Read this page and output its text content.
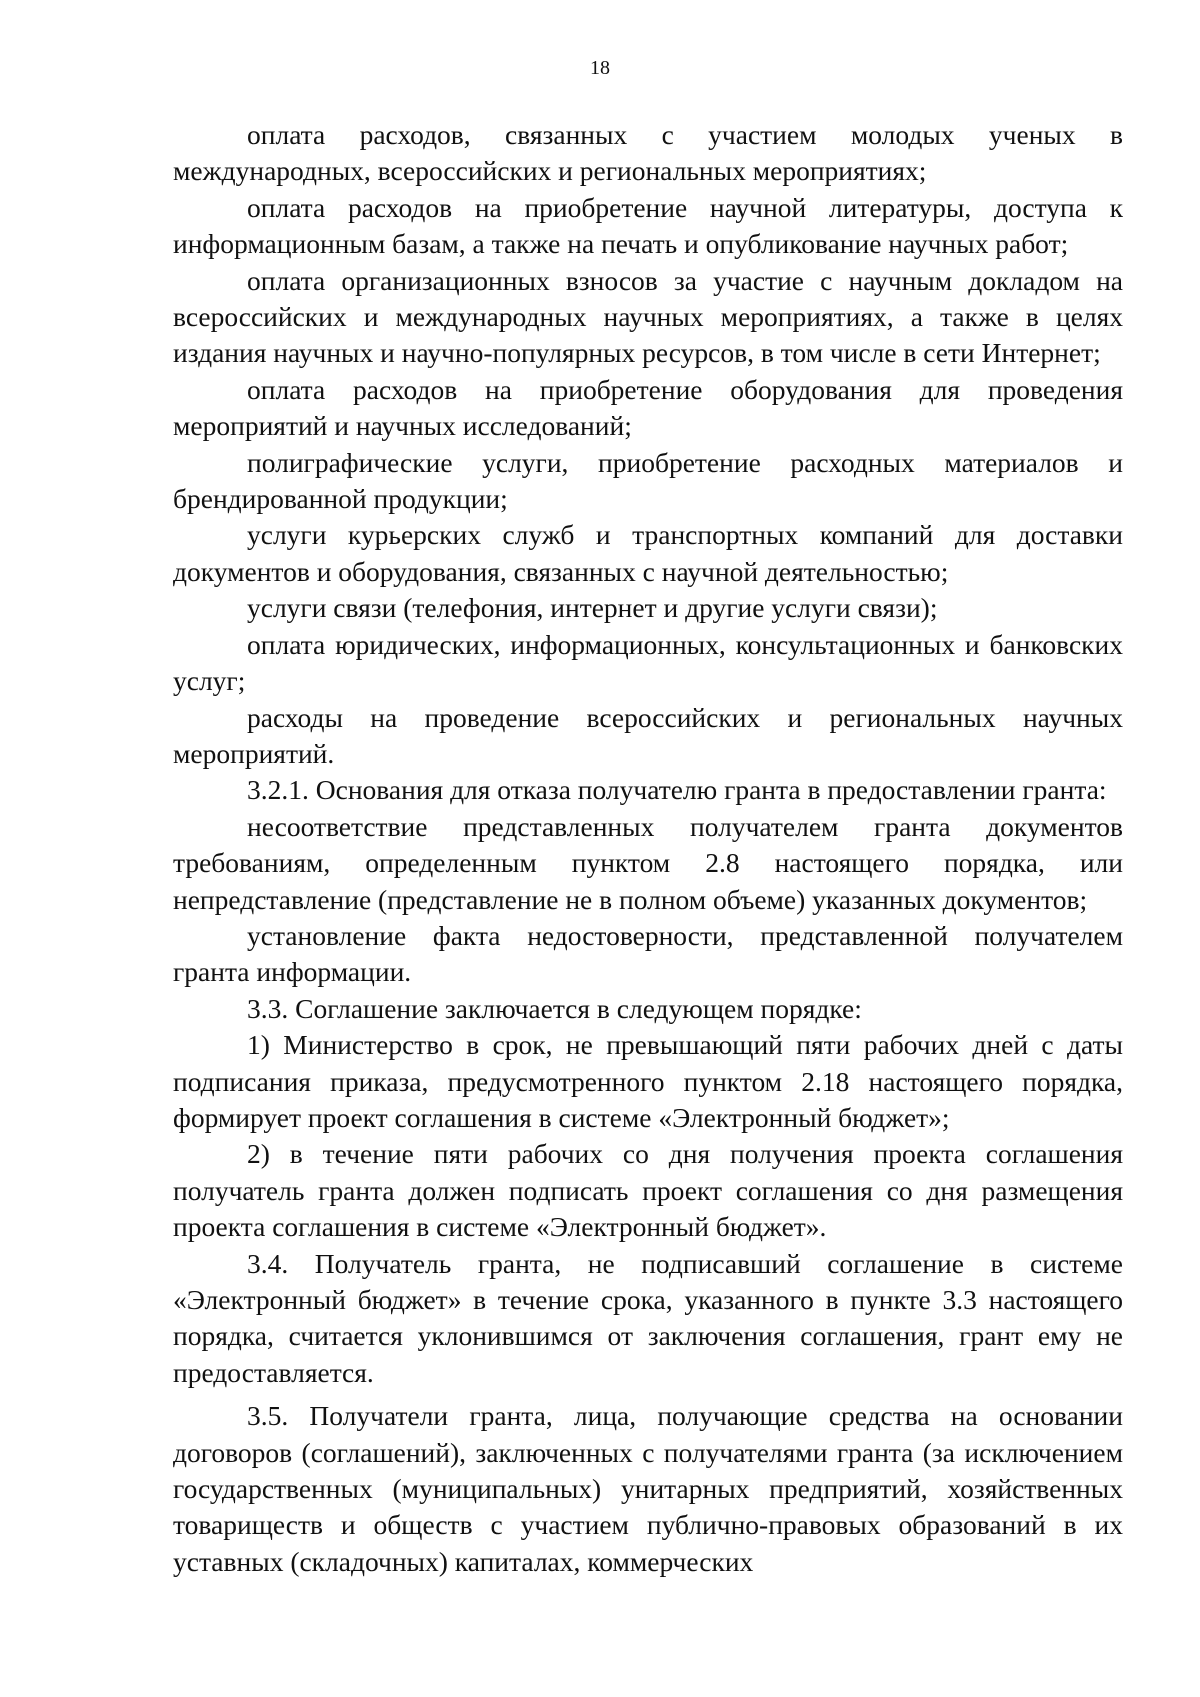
18

оплата расходов, связанных с участием молодых ученых в международных, всероссийских и региональных мероприятиях;

оплата расходов на приобретение научной литературы, доступа к информационным базам, а также на печать и опубликование научных работ;

оплата организационных взносов за участие с научным докладом на всероссийских и международных научных мероприятиях, а также в целях издания научных и научно-популярных ресурсов, в том числе в сети Интернет;

оплата расходов на приобретение оборудования для проведения мероприятий и научных исследований;

полиграфические услуги, приобретение расходных материалов и брендированной продукции;

услуги курьерских служб и транспортных компаний для доставки документов и оборудования, связанных с научной деятельностью;

услуги связи (телефония, интернет и другие услуги связи);

оплата юридических, информационных, консультационных и банковских услуг;

расходы на проведение всероссийских и региональных научных мероприятий.

3.2.1. Основания для отказа получателю гранта в предоставлении гранта:

несоответствие представленных получателем гранта документов требованиям, определенным пунктом 2.8 настоящего порядка, или непредставление (представление не в полном объеме) указанных документов;

установление факта недостоверности, представленной получателем гранта информации.

3.3. Соглашение заключается в следующем порядке:

1) Министерство в срок, не превышающий пяти рабочих дней с даты подписания приказа, предусмотренного пунктом 2.18 настоящего порядка, формирует проект соглашения в системе «Электронный бюджет»;

2) в течение пяти рабочих со дня получения проекта соглашения получатель гранта должен подписать проект соглашения со дня размещения проекта соглашения в системе «Электронный бюджет».

3.4. Получатель гранта, не подписавший соглашение в системе «Электронный бюджет» в течение срока, указанного в пункте 3.3 настоящего порядка, считается уклонившимся от заключения соглашения, грант ему не предоставляется.

3.5. Получатели гранта, лица, получающие средства на основании договоров (соглашений), заключенных с получателями гранта (за исключением государственных (муниципальных) унитарных предприятий, хозяйственных товариществ и обществ с участием публично-правовых образований в их уставных (складочных) капиталах, коммерческих
